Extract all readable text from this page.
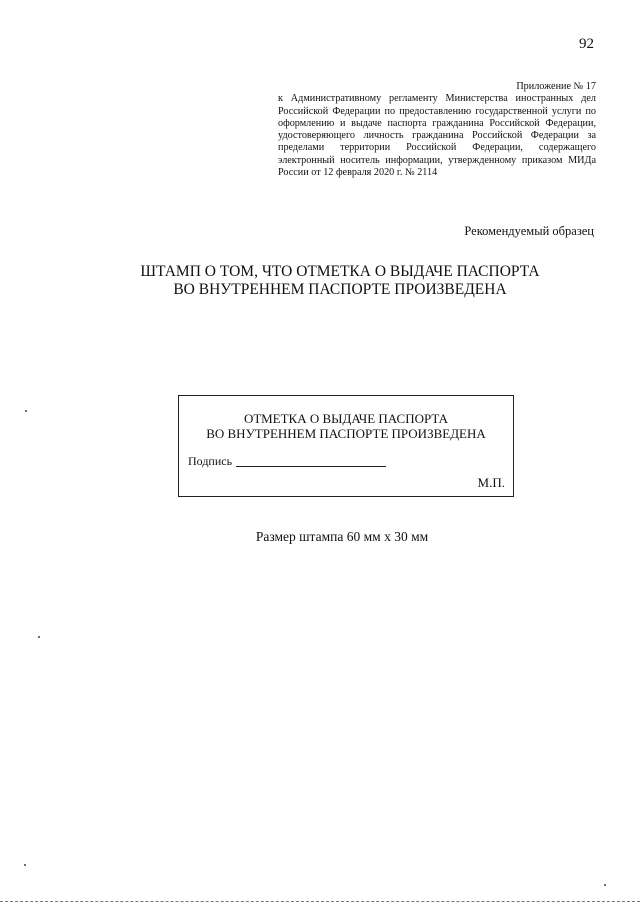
92
Приложение № 17
к Административному регламенту Министерства иностранных дел Российской Федерации по предоставлению государственной услуги по оформлению и выдаче паспорта гражданина Российской Федерации, удостоверяющего личность гражданина Российской Федерации за пределами территории Российской Федерации, содержащего электронный носитель информации, утвержденному приказом МИДа России от 12 февраля 2020 г. № 2114
Рекомендуемый образец
ШТАМП О ТОМ, ЧТО ОТМЕТКА О ВЫДАЧЕ ПАСПОРТА
ВО ВНУТРЕННЕМ ПАСПОРТЕ ПРОИЗВЕДЕНА
ОТМЕТКА О ВЫДАЧЕ ПАСПОРТА
ВО ВНУТРЕННЕМ ПАСПОРТЕ ПРОИЗВЕДЕНА
Подпись
М.П.
Размер штампа 60 мм х 30 мм
